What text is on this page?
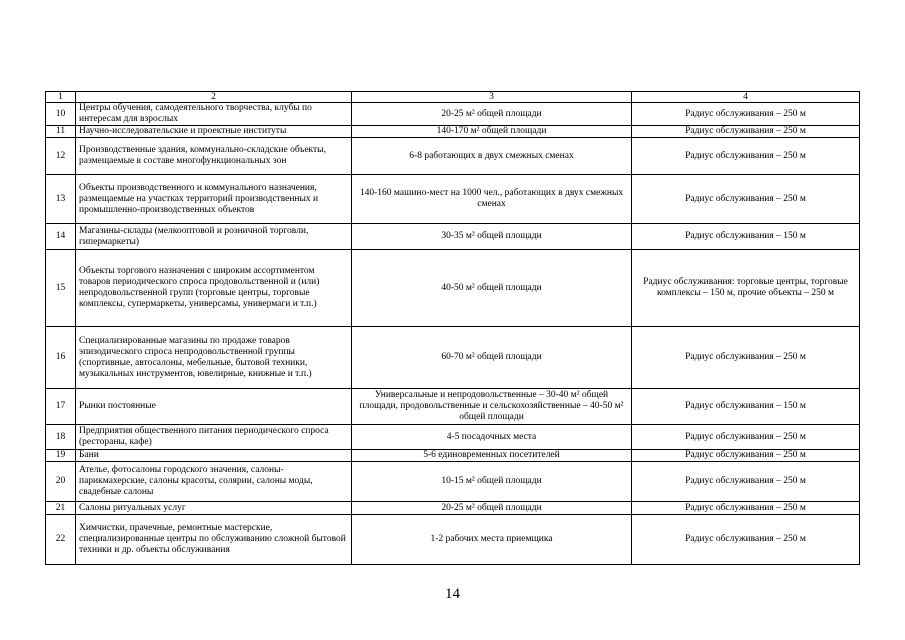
1	2	3	4
10	Центры обучения, самодеятельного творчества, клубы по интересам для взрослых	20-25 м² общей площади	Радиус обслуживания – 250 м
11	Научно-исследовательские и проектные институты	140-170 м² общей площади	Радиус обслуживания – 250 м
12	Производственные здания, коммунально-складские объекты, размещаемые в составе многофункциональных зон	6-8 работающих в двух смежных сменах	Радиус обслуживания – 250 м
13	Объекты производственного и коммунального назначения, размещаемые на участках территорий производственных и промышленно-производственных объектов	140-160 машино-мест на 1000 чел., работающих в двух смежных сменах	Радиус обслуживания – 250 м
14	Магазины-склады (мелкооптовой и розничной торговли, гипермаркеты)	30-35 м² общей площади	Радиус обслуживания – 150 м
15	Объекты торгового назначения с широким ассортиментом товаров периодического спроса продовольственной и (или) непродовольственной групп (торговые центры, торговые комплексы, супермаркеты, универсамы, универмаги и т.п.)	40-50 м² общей площади	Радиус обслуживания: торговые центры, торговые комплексы – 150 м, прочие объекты – 250 м
16	Специализированные магазины по продаже товаров эпизодического спроса непродовольственной группы (спортивные, автосалоны, мебельные, бытовой техники, музыкальных инструментов, ювелирные, книжные и т.п.)	60-70 м² общей площади	Радиус обслуживания – 250 м
17	Рынки постоянные	Универсальные и непродовольственные – 30-40 м² общей площади, продовольственные и сельскохозяйственные – 40-50 м² общей площади	Радиус обслуживания – 150 м
18	Предприятия общественного питания периодического спроса (рестораны, кафе)	4-5 посадочных места	Радиус обслуживания – 250 м
19	Бани	5-6 единовременных посетителей	Радиус обслуживания – 250 м
20	Ателье, фотосалоны городского значения, салоны-парикмахерские, салоны красоты, солярии, салоны моды, свадебные салоны	10-15 м² общей площади	Радиус обслуживания – 250 м
21	Салоны ритуальных услуг	20-25 м² общей площади	Радиус обслуживания – 250 м
22	Химчистки, прачечные, ремонтные мастерские, специализированные центры по обслуживанию сложной бытовой техники и др. объекты обслуживания	1-2 рабочих места приемщика	Радиус обслуживания – 250 м
14
